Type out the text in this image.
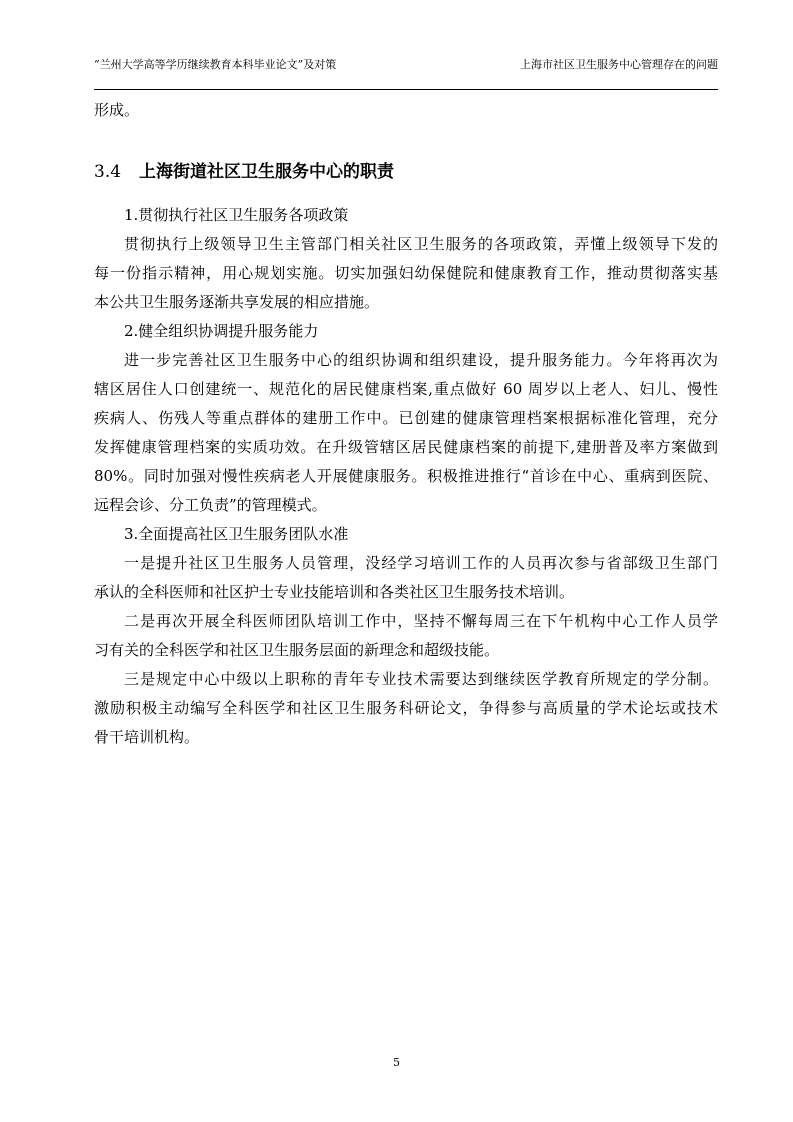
“兰州大学高等学历继续教育本科毕业论文”及对策	上海市社区卫生服务中心管理存在的问题

形成。

3.4 上海街道社区卫生服务中心的职责

1.贯彻执行社区卫生服务各项政策

贯彻执行上级领导卫生主管部门相关社区卫生服务的各项政策，弄懂上级领导下发的

每一份指示精神，用心规划实施。切实加强妇幼保健院和健康教育工作，推动贯彻落实基

本公共卫生服务逐渐共享发展的相应措施。

2.健全组织协调提升服务能力

进一步完善社区卫生服务中心的组织协调和组织建设，提升服务能力。今年将再次为

辖区居住人口创建统一、规范化的居民健康档案,重点做好 60 周岁以上老人、妇儿、慢性

疾病人、伤残人等重点群体的建册工作中。已创建的健康管理档案根据标准化管理，充分

发挥健康管理档案的实质功效。在升级管辖区居民健康档案的前提下,建册普及率方案做到

80%。同时加强对慢性疾病老人开展健康服务。积极推进推行“首诊在中心、重病到医院、

远程会诊、分工负责”的管理模式。

3.全面提高社区卫生服务团队水准

一是提升社区卫生服务人员管理，没经学习培训工作的人员再次参与省部级卫生部门

承认的全科医师和社区护士专业技能培训和各类社区卫生服务技术培训。

二是再次开展全科医师团队培训工作中，坚持不懈每周三在下午机构中心工作人员学

习有关的全科医学和社区卫生服务层面的新理念和超级技能。

三是规定中心中级以上职称的青年专业技术需要达到继续医学教育所规定的学分制。

激励积极主动编写全科医学和社区卫生服务科研论文，争得参与高质量的学术论坛或技术

骨干培训机构。

5
